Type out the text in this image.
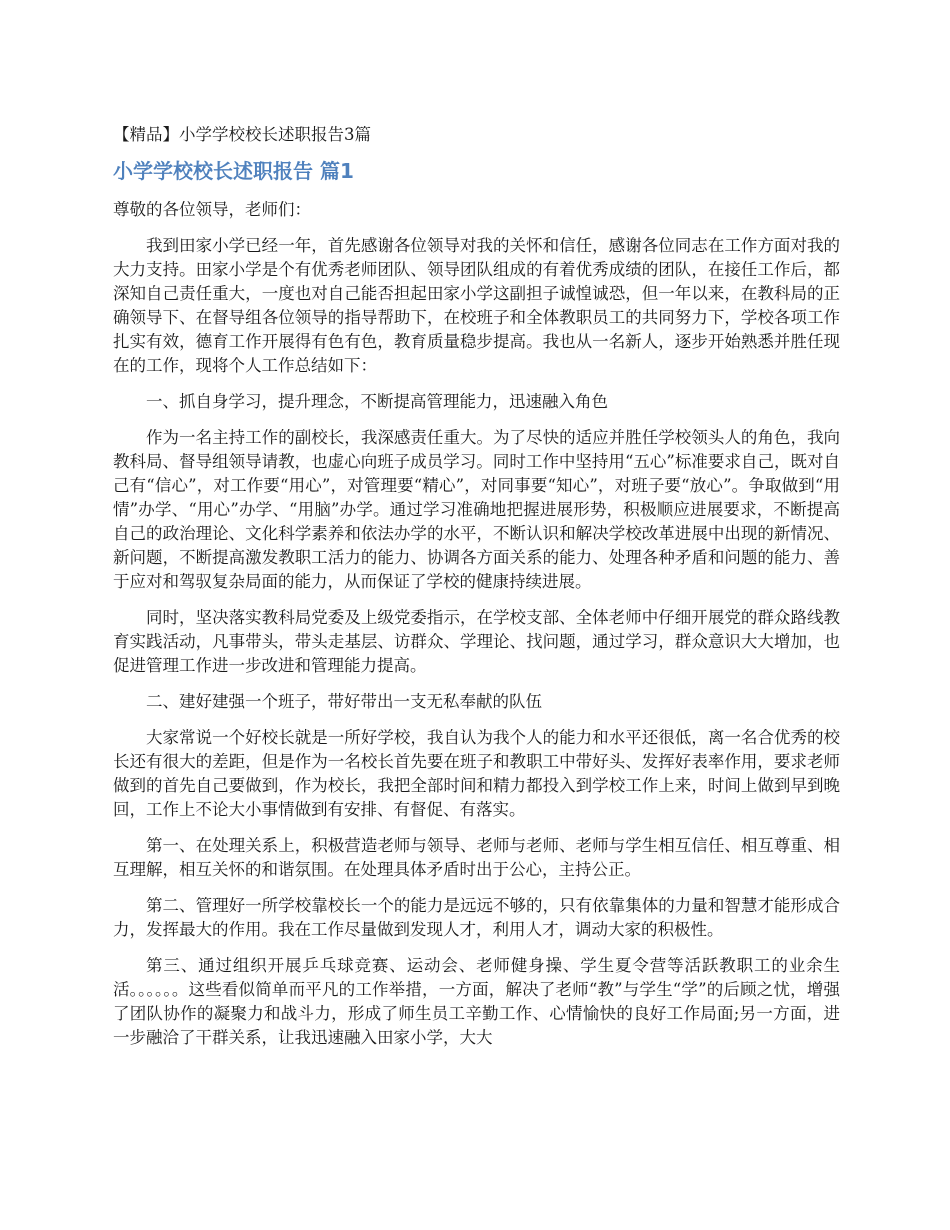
【精品】小学学校校长述职报告3篇
小学学校校长述职报告 篇1
尊敬的各位领导，老师们：

我到田家小学已经一年，首先感谢各位领导对我的关怀和信任，感谢各位同志在工作方面对我的大力支持。田家小学是个有优秀老师团队、领导团队组成的有着优秀成绩的团队，在接任工作后，都深知自己责任重大，一度也对自己能否担起田家小学这副担子诚惶诚恐，但一年以来，在教科局的正确领导下、在督导组各位领导的指导帮助下，在校班子和全体教职员工的共同努力下，学校各项工作扎实有效，德育工作开展得有色有色，教育质量稳步提高。我也从一名新人，逐步开始熟悉并胜任现在的工作，现将个人工作总结如下：

一、抓自身学习，提升理念，不断提高管理能力，迅速融入角色

作为一名主持工作的副校长，我深感责任重大。为了尽快的适应并胜任学校领头人的角色，我向教科局、督导组领导请教，也虚心向班子成员学习。同时工作中坚持用“五心”标准要求自己，既对自己有“信心”，对工作要“用心”，对管理要“精心”，对同事要“知心”，对班子要“放心”。争取做到“用情”办学、“用心”办学、“用脑”办学。通过学习准确地把握进展形势，积极顺应进展要求，不断提高自己的政治理论、文化科学素养和依法办学的水平，不断认识和解决学校改革进展中出现的新情况、新问题，不断提高激发教职工活力的能力、协调各方面关系的能力、处理各种矛盾和问题的能力、善于应对和驾驭复杂局面的能力，从而保证了学校的健康持续进展。

同时，坚决落实教科局党委及上级党委指示，在学校支部、全体老师中仔细开展党的群众路线教育实践活动，凡事带头，带头走基层、访群众、学理论、找问题，通过学习，群众意识大大增加，也促进管理工作进一步改进和管理能力提高。

二、建好建强一个班子，带好带出一支无私奉献的队伍

大家常说一个好校长就是一所好学校，我自认为我个人的能力和水平还很低，离一名合优秀的校长还有很大的差距，但是作为一名校长首先要在班子和教职工中带好头、发挥好表率作用，要求老师做到的首先自己要做到，作为校长，我把全部时间和精力都投入到学校工作上来，时间上做到早到晚回，工作上不论大小事情做到有安排、有督促、有落实。

第一、在处理关系上，积极营造老师与领导、老师与老师、老师与学生相互信任、相互尊重、相互理解，相互关怀的和谐氛围。在处理具体矛盾时出于公心，主持公正。

第二、管理好一所学校靠校长一个的能力是远远不够的，只有依靠集体的力量和智慧才能形成合力，发挥最大的作用。我在工作尽量做到发现人才，利用人才，调动大家的积极性。

第三、通过组织开展乒乓球竞赛、运动会、老师健身操、学生夏令营等活跃教职工的业余生活。。。。。。这些看似简单而平凡的工作举措，一方面，解决了老师“教”与学生“学”的后顾之忧，增强了团队协作的凝聚力和战斗力，形成了师生员工辛勤工作、心情愉快的良好工作局面;另一方面，进一步融洽了干群关系，让我迅速融入田家小学，大大
